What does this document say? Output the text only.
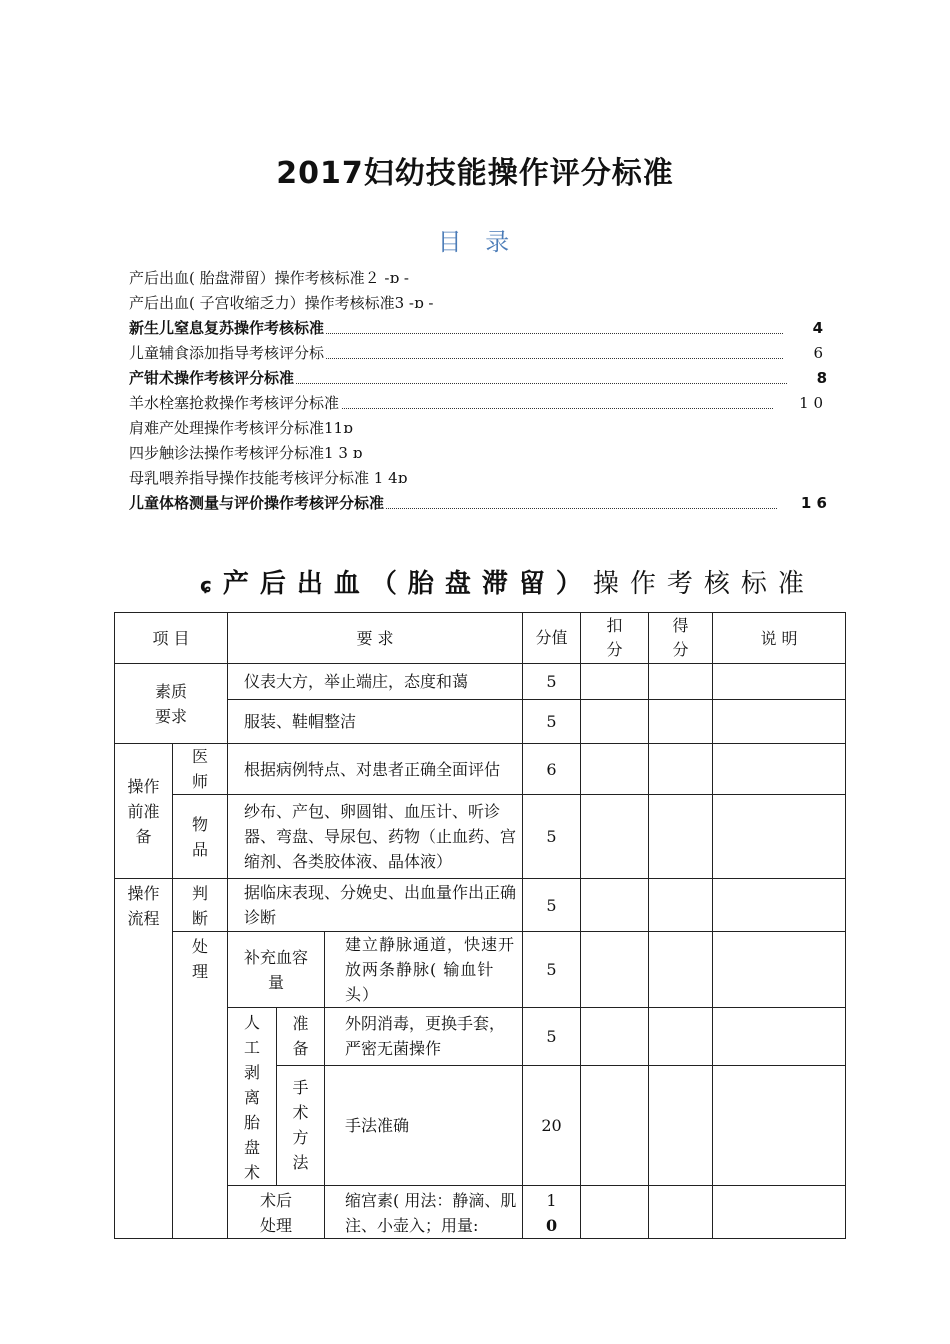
2017妇幼技能操作评分标准
目 录
产后出血( 胎盘滞留）操作考核标准２ -ɒ -
产后出血( 子宫收缩乏力）操作考核标准3 -ɒ -
新生儿窒息复苏操作考核标准	4
儿童辅食添加指导考核评分标	6
产钳术操作考核评分标准	8
羊水栓塞抢救操作考核评分标准	1 0
肩难产处理操作考核评分标准11ɒ
四步触诊法操作考核评分标准1 3 ɒ
母乳喂养指导操作技能考核评分标准 1 4ɒ
儿童体格测量与评价操作考核评分标准	1 6
ɕ产后出血（胎盘滞留）操作考核标准
项 目		要 求			分值	扣分	得分	说 明
素质要求		仪表大方，举止端庄，态度和蔼			5			
		服装、鞋帽整洁			5			
操作前准备	医师	根据病例特点、对患者正确全面评估			6			
	物品	纱布、产包、卵圆钳、血压计、听诊器、弯盘、导尿包、药物（止血药、宫缩剂、各类胶体液、晶体液）			5			
操作流程	判断	据临床表现、分娩史、出血量作出正确诊断			5			
	处理	补充血容量		建立静脉通道，快速开放两条静脉( 输血针头）	5			
		人工剥离胎盘术	准备	外阴消毒，更换手套，严密无菌操作	5			
			手术方法	手法准确	20			
		术后处理		缩宫素( 用法：静滴、肌注、小壶入；用量:	1
0			
